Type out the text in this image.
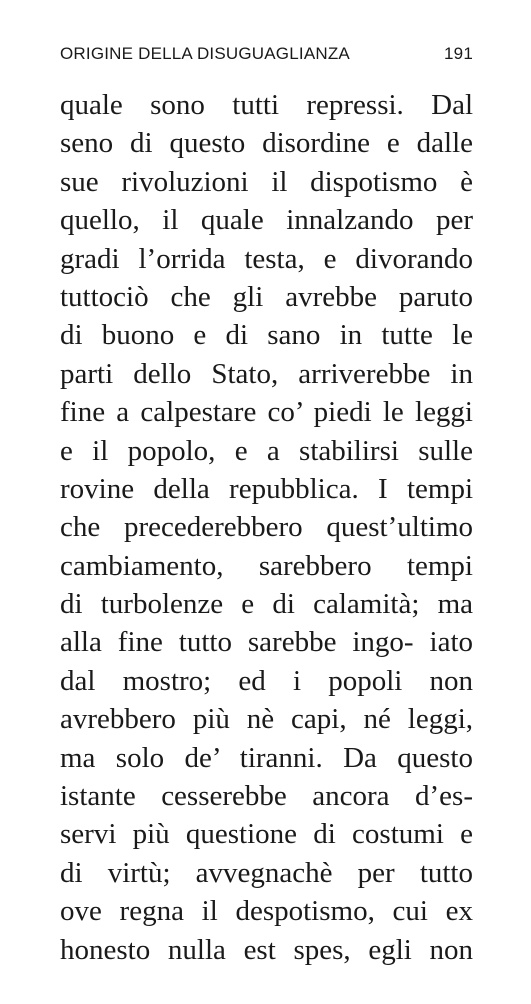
ORIGINE DELLA DISUGUAGLIANZA	191
quale sono tutti repressi. Dal
seno di questo disordine e dalle
sue rivoluzioni il dispotismo è
quello, il quale innalzando per
gradi l’orrida testa, e divorando
tuttociò che gli avrebbe paruto
di buono e di sano in tutte le
parti dello Stato, arriverebbe in
fine a calpestare co’ piedi le leggi
e il popolo, e a stabilirsi sulle
rovine della repubblica. I tempi
che precederebbero quest’ultimo
cambiamento, sarebbero tempi
di turbolenze e di calamità; ma
alla fine tutto sarebbe ingo- iato
dal mostro; ed i popoli non
avrebbero più nè capi, né leggi,
ma solo de’ tiranni. Da questo
istante cesserebbe ancora d’es-
servi più questione di costumi e
di virtù; avvegnachè per tutto
ove regna il despotismo, cui ex
honesto nulla est spes, egli non
